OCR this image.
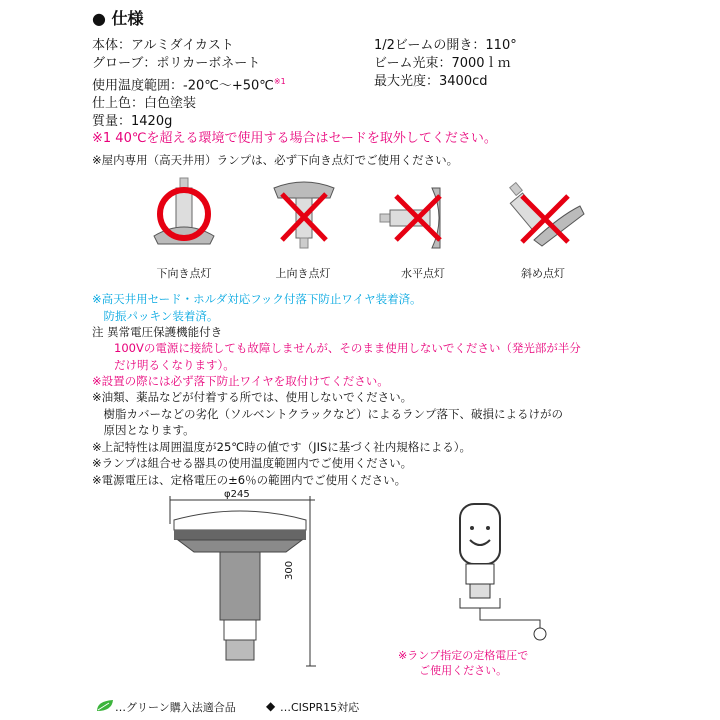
● 仕様
本体：アルミダイカスト
グローブ：ポリカーボネート
使用温度範囲：-20℃～+50℃$^{※1}$
仕上色：白色塗装
質量：1420g
1/2ビームの開き：110°
ビーム光束：7000ｌｍ
最大光度：3400cd
※1 40℃を超える環境で使用する場合はセードを取外してください。
※屋内専用（高天井用）ランプは、必ず下向き点灯でご使用ください。
下向き点灯	上向き点灯	水平点灯	斜め点灯
※高天井用セード・ホルダ対応フック付落下防止ワイヤ装着済。
　防振パッキン装着済。
注 異常電圧保護機能付き
100Vの電源に接続しても故障しませんが、そのまま使用しないでください（発光部が半分
だけ明るくなります）。
※設置の際には必ず落下防止ワイヤを取付けてください。
※油類、薬品などが付着する所では、使用しないでください。
　樹脂カバーなどの劣化（ソルベントクラックなど）によるランプ落下、破損によるけがの
　原因となります。
※上記特性は周囲温度が25℃時の値です（JISに基づく社内規格による）。
※ランプは組合せる器具の使用温度範囲内でご使用ください。
※電源電圧は、定格電圧の±6％の範囲内でご使用ください。
φ245
300
※ランプ指定の定格電圧で
ご使用ください。
…グリーン購入法適合品	◆ …CISPR15対応
